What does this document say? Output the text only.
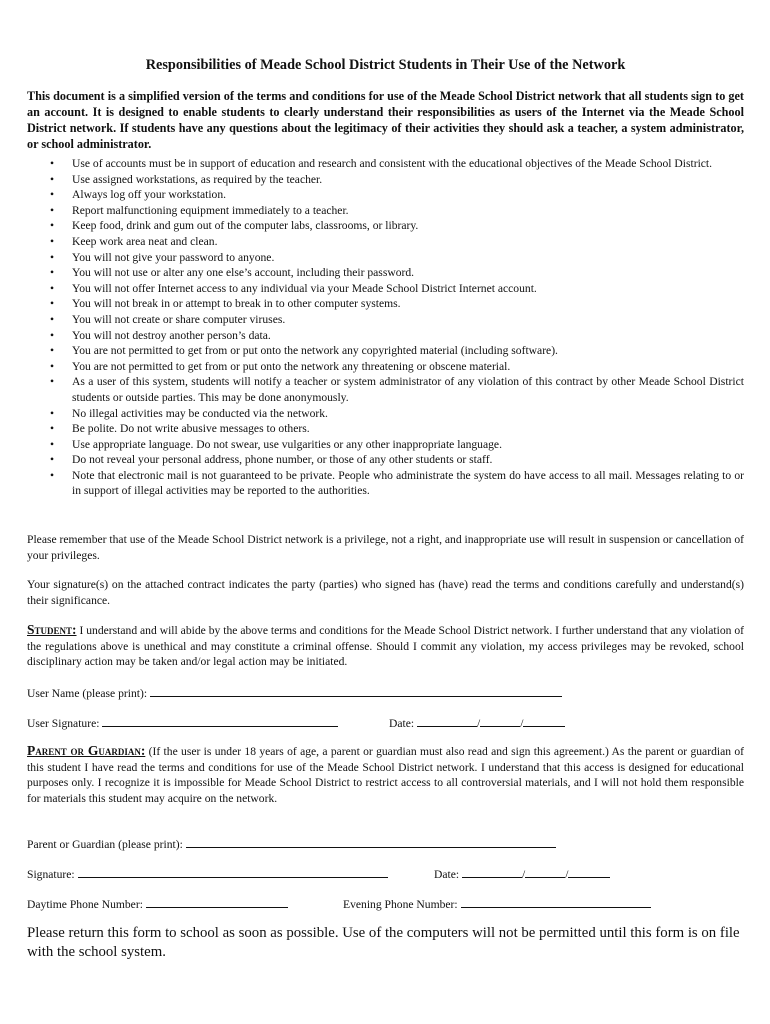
Responsibilities of Meade School District Students in Their Use of the Network
This document is a simplified version of the terms and conditions for use of the Meade School District network that all students sign to get an account. It is designed to enable students to clearly understand their responsibilities as users of the Internet via the Meade School District network. If students have any questions about the legitimacy of their activities they should ask a teacher, a system administrator, or school administrator.
• Use of accounts must be in support of education and research and consistent with the educational objectives of the Meade School District.
• Use assigned workstations, as required by the teacher.
• Always log off your workstation.
• Report malfunctioning equipment immediately to a teacher.
• Keep food, drink and gum out of the computer labs, classrooms, or library.
• Keep work area neat and clean.
• You will not give your password to anyone.
• You will not use or alter any one else’s account, including their password.
• You will not offer Internet access to any individual via your Meade School District Internet account.
• You will not break in or attempt to break in to other computer systems.
• You will not create or share computer viruses.
• You will not destroy another person’s data.
• You are not permitted to get from or put onto the network any copyrighted material (including software).
• You are not permitted to get from or put onto the network any threatening or obscene material.
• As a user of this system, students will notify a teacher or system administrator of any violation of this contract by other Meade School District students or outside parties. This may be done anonymously.
• No illegal activities may be conducted via the network.
• Be polite. Do not write abusive messages to others.
• Use appropriate language. Do not swear, use vulgarities or any other inappropriate language.
• Do not reveal your personal address, phone number, or those of any other students or staff.
• Note that electronic mail is not guaranteed to be private. People who administrate the system do have access to all mail. Messages relating to or in support of illegal activities may be reported to the authorities.
Please remember that use of the Meade School District network is a privilege, not a right, and inappropriate use will result in suspension or cancellation of your privileges.
Your signature(s) on the attached contract indicates the party (parties) who signed has (have) read the terms and conditions carefully and understand(s) their significance.
Student: I understand and will abide by the above terms and conditions for the Meade School District network. I further understand that any violation of the regulations above is unethical and may constitute a criminal offense. Should I commit any violation, my access privileges may be revoked, school disciplinary action may be taken and/or legal action may be initiated.
User Name (please print):
User Signature:	Date:	/	/
Parent or Guardian: (If the user is under 18 years of age, a parent or guardian must also read and sign this agreement.) As the parent or guardian of this student I have read the terms and conditions for use of the Meade School District network. I understand that this access is designed for educational purposes only. I recognize it is impossible for Meade School District to restrict access to all controversial materials, and I will not hold them responsible for materials this student may acquire on the network.
Parent or Guardian (please print):
Signature:	Date:	/	/
Daytime Phone Number:	Evening Phone Number:
Please return this form to school as soon as possible. Use of the computers will not be permitted until this form is on file with the school system.
